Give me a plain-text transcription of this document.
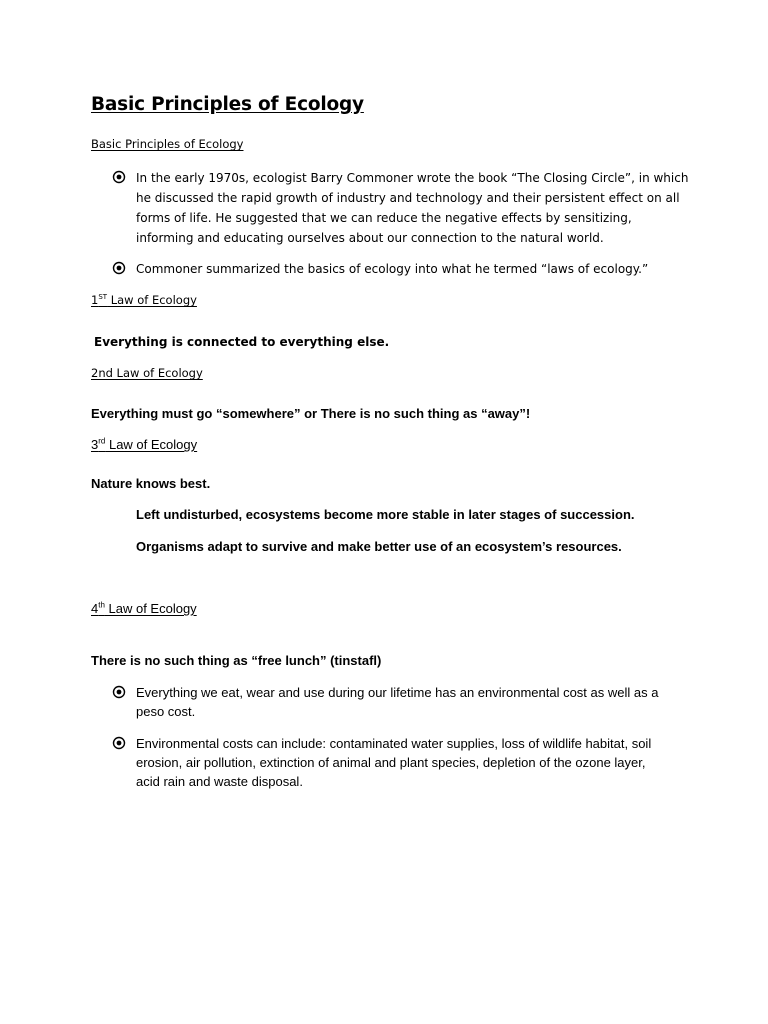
Basic Principles of Ecology
Basic Principles of Ecology
In the early 1970s, ecologist Barry Commoner wrote the book “The Closing Circle”, in which he discussed the rapid growth of industry and technology and their persistent effect on all forms of life. He suggested that we can reduce the negative effects by sensitizing, informing and educating ourselves about our connection to the natural world.
Commoner summarized the basics of ecology into what he termed “laws of ecology.”
1ST Law of Ecology
Everything is connected to everything else.
2nd Law of Ecology
Everything must go “somewhere” or There is no such thing as “away”!
3rd Law of Ecology
Nature knows best.
Left undisturbed, ecosystems become more stable in later stages of succession.
Organisms adapt to survive and make better use of an ecosystem’s resources.
4th Law of Ecology
There is no such thing as “free lunch” (tinstafl)
Everything we eat, wear and use during our lifetime has an environmental cost as well as a peso cost.
Environmental costs can include: contaminated water supplies, loss of wildlife habitat, soil erosion, air pollution, extinction of animal and plant species, depletion of the ozone layer, acid rain and waste disposal.
